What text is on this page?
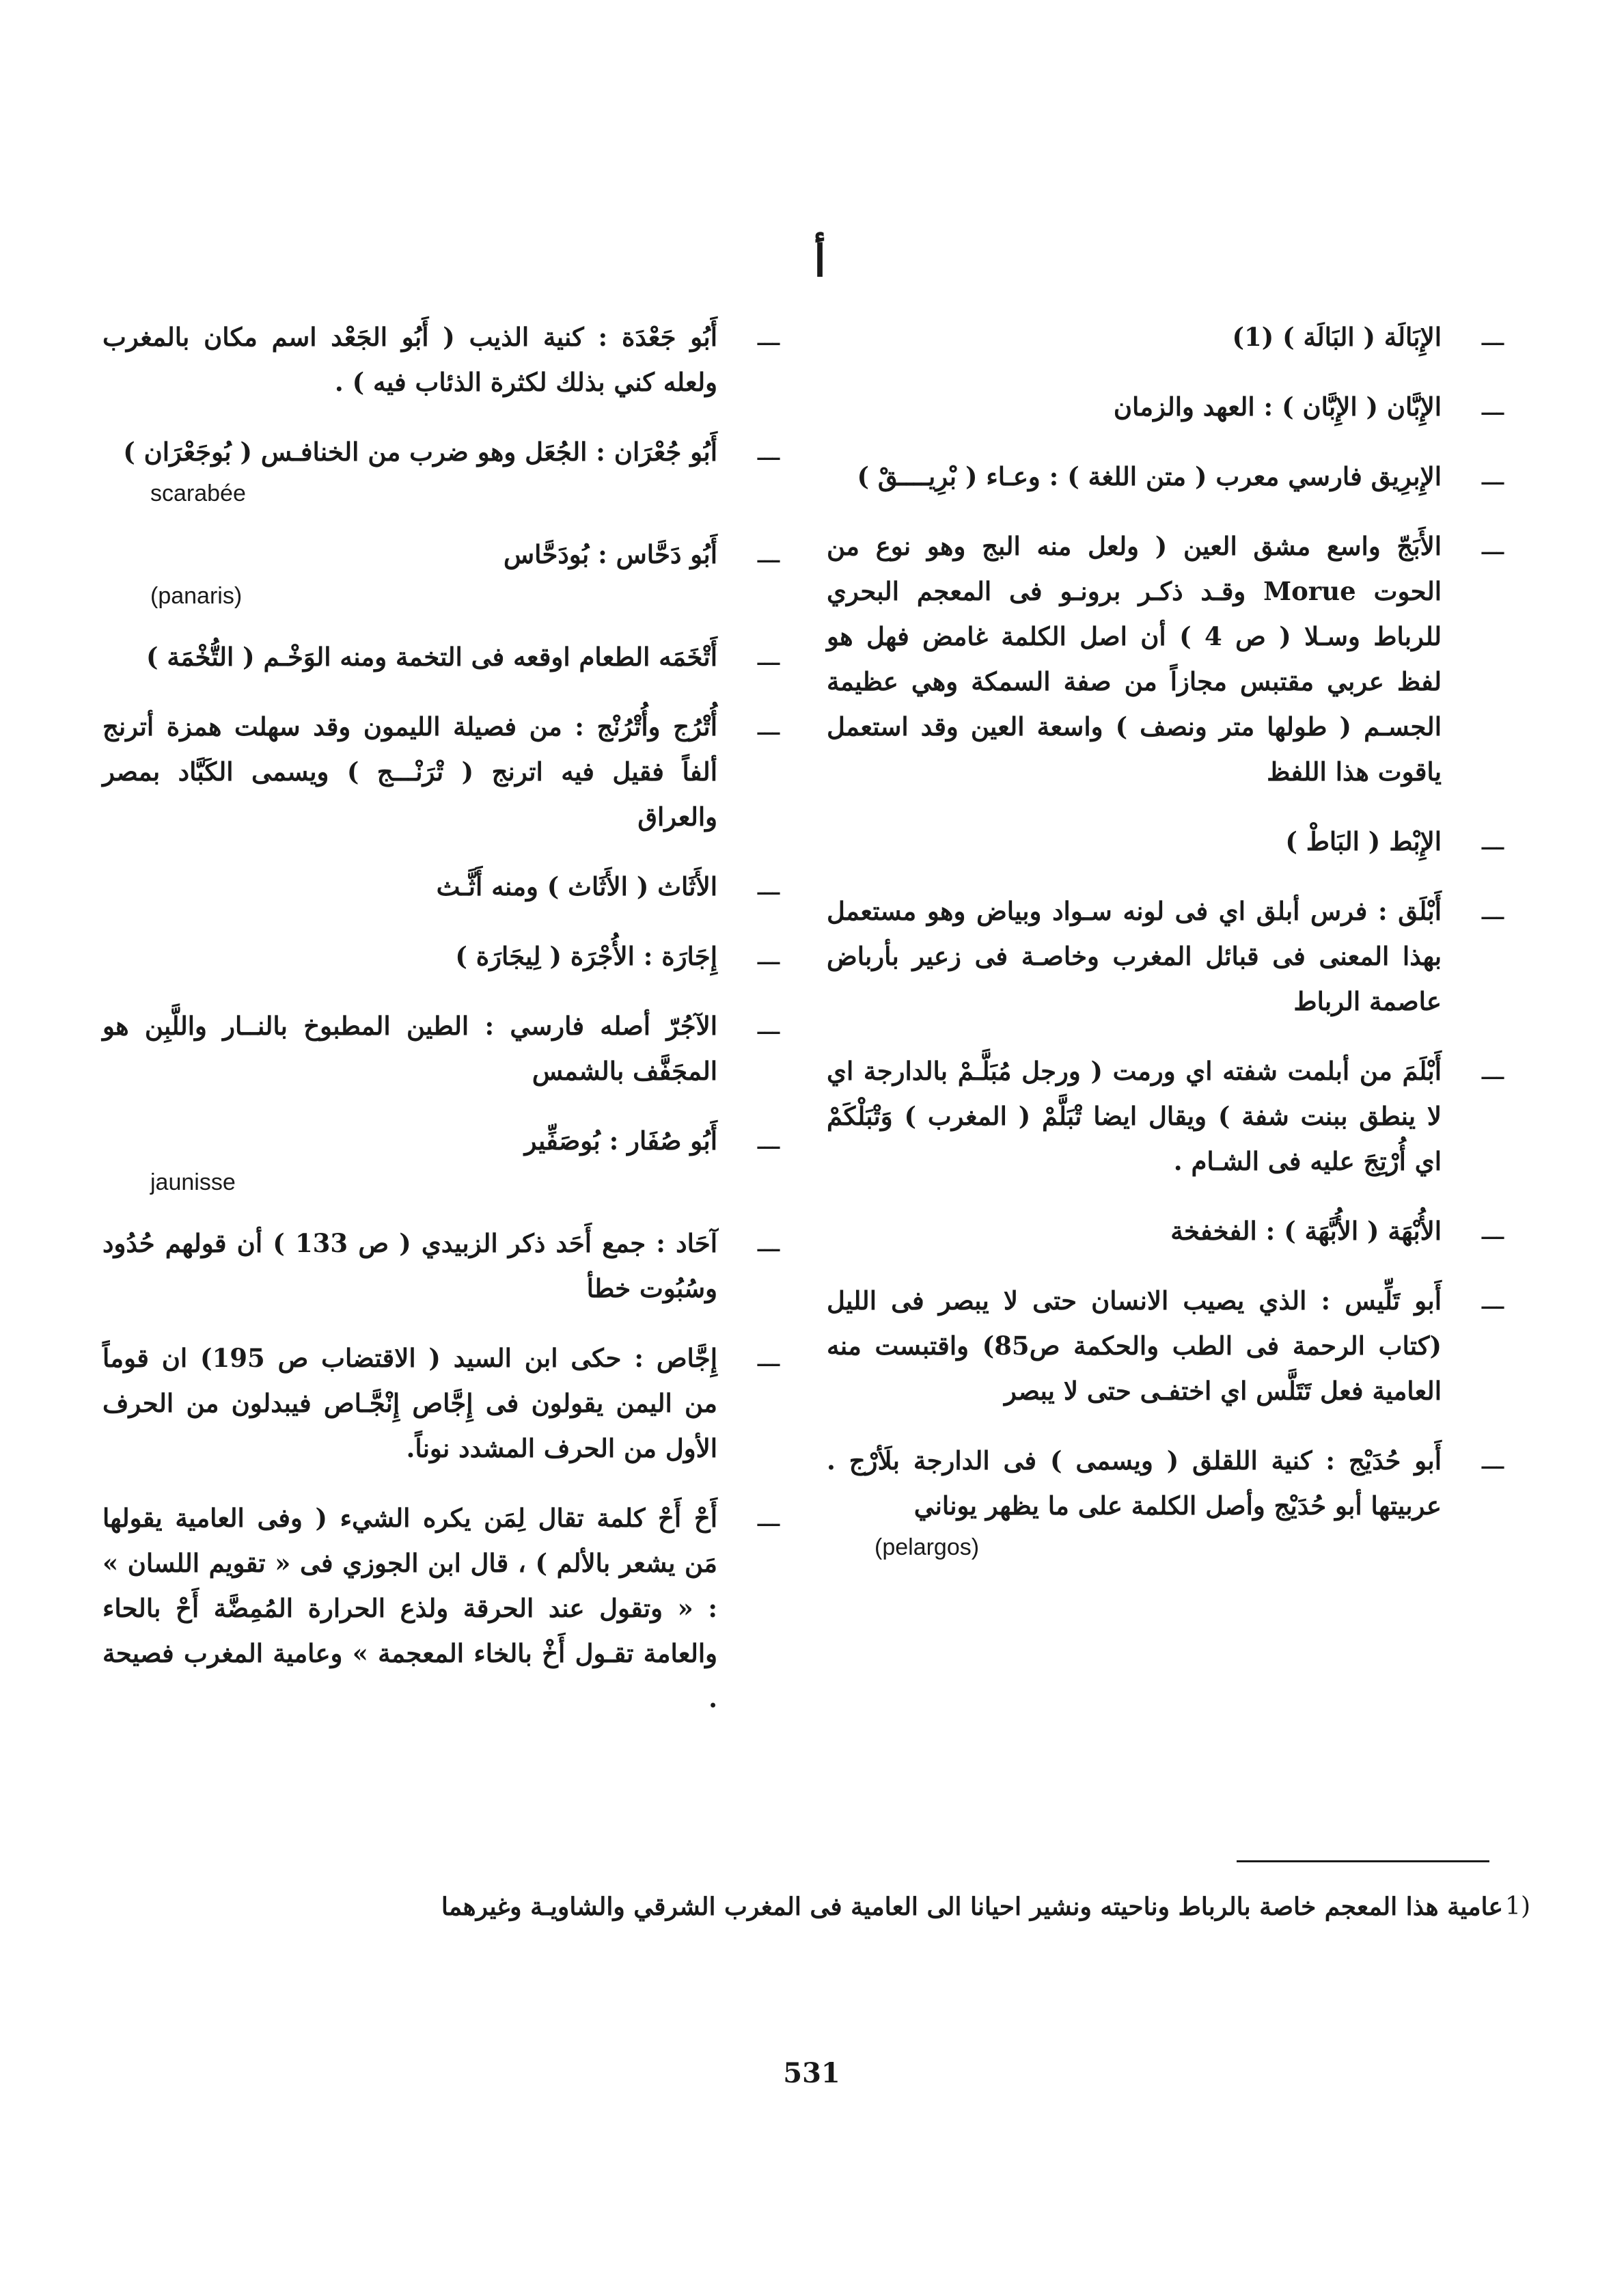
أ
ـــ
الإِبَالَة ( البَالَة ) (1)
ـــ
الإِبَّان ( الإِبَّان ) : العهد والزمان
ـــ
الإِبرِيق فارسي معرب ( متن اللغة ) : وعـاء ( بْرِيــــقْ )
ـــ
الأَبَجّ واسع مشق العين ( ولعل منه البج وهو نوع من الحوت Morue وقـد ذكـر برونـو فى المعجم البحري للرباط وسـلا ( ص 4 ) أن اصل الكلمة غامض فهل هو لفظ عربي مقتبس مجازاً من صفة السمكة وهي عظيمة الجسـم ( طولها متر ونصف ) واسعة العين وقد استعمل ياقوت هذا اللفظ
ـــ
الإِبْط ( البَاطْ )
ـــ
أَبْلَق : فرس أبلق اي فى لونه سـواد وبياض وهو مستعمل بهذا المعنى فى قبائل المغرب وخاصـة فى زعير بأرباض عاصمة الرباط
ـــ
أَبْلَمَ من أبلمت شفته اي ورمت ( ورجل مُبَلَّـمْ بالدارجة اي لا ينطق ببنت شفة ) ويقال ايضا تْبَلَّمْ ( المغرب ) وَتْبَلْكَمْ اي أُرْتِجَ عليه فى الشـام .
ـــ
الأُبْهَة ( الأُبَّهَة ) : الفخفخة
ـــ
أَبو تَلِّيس : الذي يصيب الانسان حتى لا يبصر فى الليل (كتاب الرحمة فى الطب والحكمة ص85) واقتبست منه العامية فعل تَتَلَّس اي اختفـى حتى لا يبصر
ـــ
أَبو حُدَيْج : كنية اللقلق ( ويسمى ) فى الدارجة بلَأرْج . عربيتها أبو حُدَيْج وأصل الكلمة على ما يظهر يوناني
(pelargos)
ـــ
أَبُو جَعْدَة : كنية الذيب ( أَبُو الجَعْد اسم مكان بالمغرب ولعله كني بذلك لكثرة الذئاب فيه ) .
ـــ
أَبُو جُعْرَان : الجُعَل وهو ضرب من الخنافـس ( بُوجَعْرَان )
scarabée
ـــ
أَبُو دَحَّاس : بُودَحَّاس
(panaris)
ـــ
أَتْخَمَه الطعام اوقعه فى التخمة ومنه الوَخْـم ( التُّخْمَة )
ـــ
أُتْرُج وأُتْرُنْج : من فصيلة الليمون وقد سهلت همزة أترنج ألفاً فقيل فيه اترنج ( تْرَنْـــج ) ويسمى الكَبَّاد بمصر والعراق
ـــ
الأَثَاث ( الأَثَاث ) ومنه أَثَّـث
ـــ
إِجَارَة : الأُجْرَة ( لِيجَارَة )
ـــ
الآجُرّ أصله فارسي : الطين المطبوخ بالنــار واللَّبِن هو المجَفَّف بالشمس
ـــ
أَبُو صُفَار : بُوصَفِّير
jaunisse
ـــ
آحَاد : جمع أَحَد ذكر الزبيدي ( ص 133 ) أن قولهم حُدُود وسُبُوت خطأ
ـــ
إِجَّاص : حكى ابن السيد ( الاقتضاب ص 195) ان قوماً من اليمن يقولون فى إِجَّاص إِنْجَّـاص فيبدلون من الحرف الأول من الحرف المشدد نوناً.
ـــ
أَحْ أَحْ كلمة تقال لِمَن يكره الشيء ( وفى العامية يقولها مَن يشعر بالألم ) ، قال ابن الجوزي فى « تقويم اللسان » : « وتقول عند الحرقة ولذع الحرارة المُمِضَّة أَحْ بالحاء والعامة تقـول أَخْ بالخاء المعجمة » وعامية المغرب فصيحة .
1)
عامية هذا المعجم خاصة بالرباط وناحيته ونشير احيانا الى العامية فى المغرب الشرقي والشاويـة وغيرهما
531
